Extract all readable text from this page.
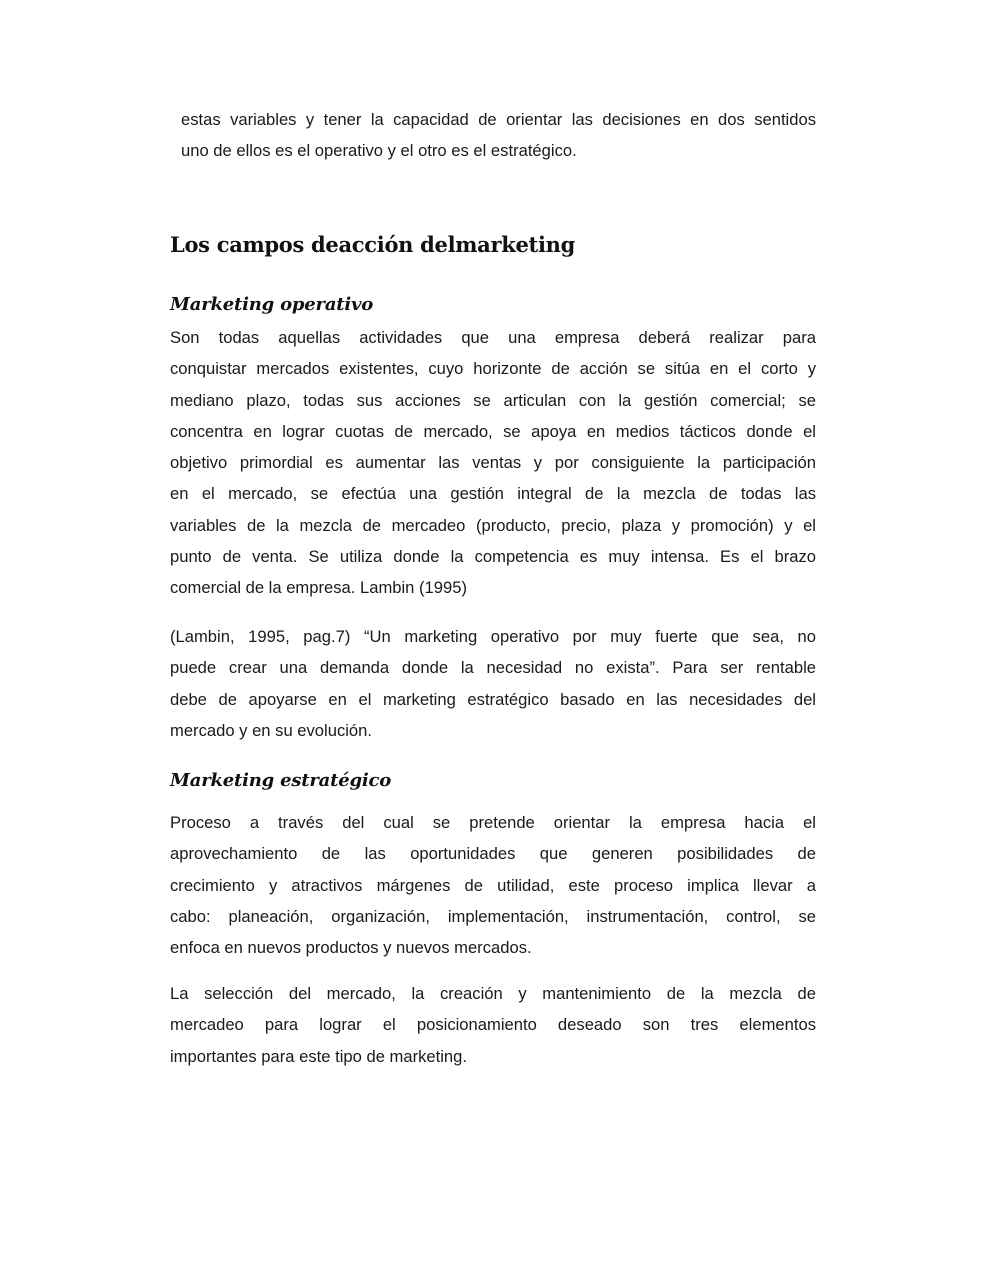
estas variables y tener la capacidad de orientar las decisiones en dos sentidos
uno de ellos es el operativo y el otro es el estratégico.
Los campos deacción delmarketing
Marketing operativo
Son todas aquellas actividades que una empresa deberá realizar para
conquistar mercados existentes, cuyo horizonte de acción se sitúa en el corto y
mediano plazo, todas sus acciones se articulan con la gestión comercial; se
concentra en lograr cuotas de mercado, se apoya en medios tácticos donde el
objetivo primordial es aumentar las ventas y por consiguiente la participación
en el mercado, se efectúa una gestión integral de la mezcla de todas las
variables de la mezcla de mercadeo (producto, precio, plaza y promoción) y el
punto de venta. Se utiliza donde la competencia es muy intensa. Es el brazo
comercial de la empresa. Lambin (1995)
(Lambin, 1995, pag.7) “Un marketing operativo por muy fuerte que sea, no
puede crear una demanda donde la necesidad no exista”. Para ser rentable
debe de apoyarse en el marketing estratégico basado en las necesidades del
mercado y en su evolución.
Marketing estratégico
Proceso a través del cual se pretende orientar la empresa hacia el
aprovechamiento de las oportunidades que generen posibilidades de
crecimiento y atractivos márgenes de utilidad, este proceso implica llevar a
cabo: planeación, organización, implementación, instrumentación, control, se
enfoca en nuevos productos y nuevos mercados.
La selección del mercado, la creación y mantenimiento de la mezcla de
mercadeo para lograr el posicionamiento deseado son tres elementos
importantes para este tipo de marketing.
